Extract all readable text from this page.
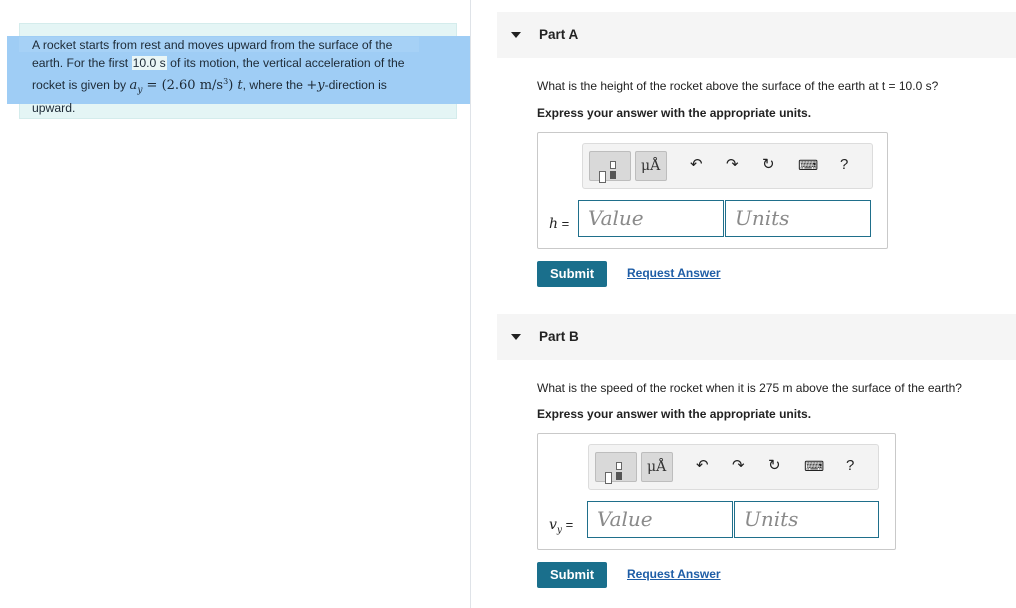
A rocket starts from rest and moves upward from the surface of the
earth. For the first 10.0 s of its motion, the vertical acceleration of the
rocket is given by $a_y = (2.60$ $m/s^3$) t, where the +y-direction is
upward.
Part A
What is the height of the rocket above the surface of the earth at t = 10.0 s?
Express your answer with the appropriate units.
μÅ ↶ ↷ ↻ ⌨ ?
h = Value	Units
Submit	Request Answer
Part B
What is the speed of the rocket when it is 275 m above the surface of the earth?
Express your answer with the appropriate units.
μÅ ↶ ↷ ↻ ⌨ ?
$v_y$ =	Value	Units
Submit	Request Answer
